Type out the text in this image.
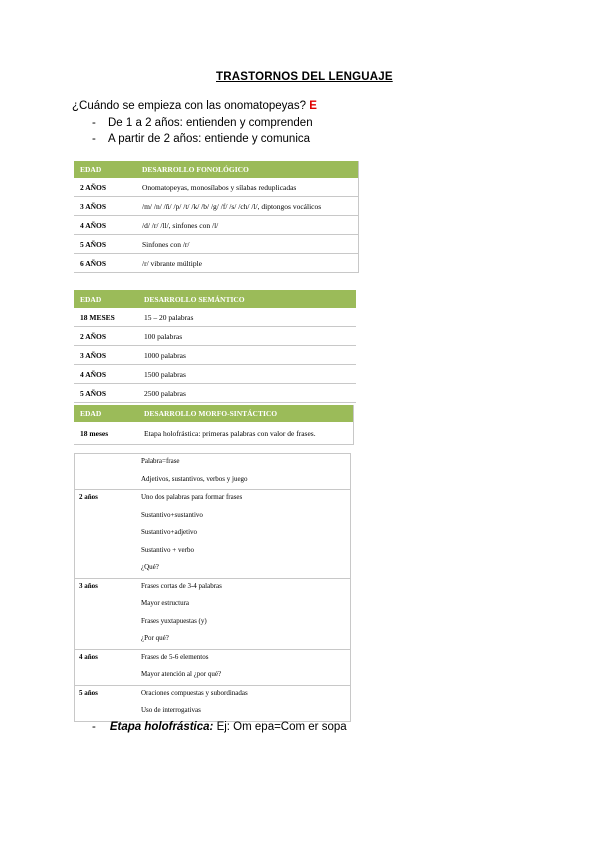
TRASTORNOS DEL LENGUAJE
¿Cuándo se empieza con las onomatopeyas? E
- De 1 a 2 años: entienden y comprenden
- A partir de 2 años: entiende y comunica
EDAD	DESARROLLO FONOLÓGICO
2 AÑOS	Onomatopeyas, monosílabos y sílabas reduplicadas
3 AÑOS	/m/ /n/ /ñ/ /p/ /t/ /k/ /b/ /g/ /f/ /s/ /ch/ /l/, diptongos vocálicos
4 AÑOS	/d/ /r/ /ll/, sinfones con /l/
5 AÑOS	Sinfones con /r/
6 AÑOS	/r/ vibrante múltiple
EDAD	DESARROLLO SEMÁNTICO
18 MESES	15 – 20 palabras
2 AÑOS	100 palabras
3 AÑOS	1000 palabras
4 AÑOS	1500 palabras
5 AÑOS	2500 palabras
EDAD	DESARROLLO MORFO-SINTÁCTICO
18 meses	Etapa holofrástica: primeras palabras con valor de frases.
Palabra=frase
Adjetivos, sustantivos, verbos y juego
2 años	Uno dos palabras para formar frases
Sustantivo+sustantivo
Sustantivo+adjetivo
Sustantivo + verbo
¿Qué?
3 años	Frases cortas de 3-4 palabras
Mayor estructura
Frases yuxtapuestas (y)
¿Por qué?
4 años	Frases de 5-6 elementos
Mayor atención al ¿por qué?
5 años	Oraciones compuestas y subordinadas
Uso de interrogativas
- Etapa holofrástica: Ej: Om epa=Com er sopa
